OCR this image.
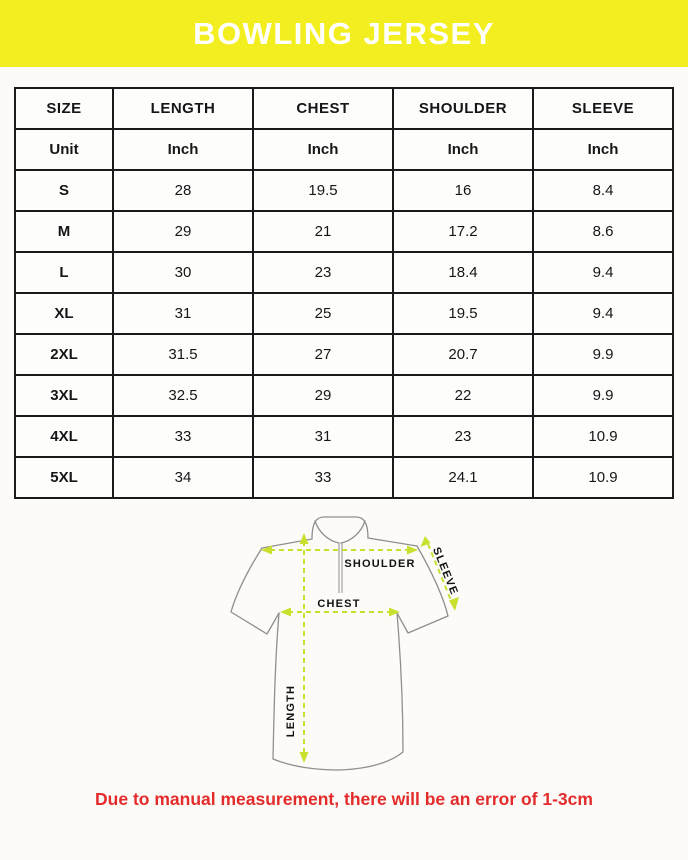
BOWLING JERSEY
SIZE	LENGTH	CHEST	SHOULDER	SLEEVE
Unit	Inch	Inch	Inch	Inch
S	28	19.5	16	8.4
M	29	21	17.2	8.6
L	30	23	18.4	9.4
XL	31	25	19.5	9.4
2XL	31.5	27	20.7	9.9
3XL	32.5	29	22	9.9
4XL	33	31	23	10.9
5XL	34	33	24.1	10.9
SHOULDER SLEEVE
CHEST
LENGTH
Due to manual measurement, there will be an error of 1-3cm
